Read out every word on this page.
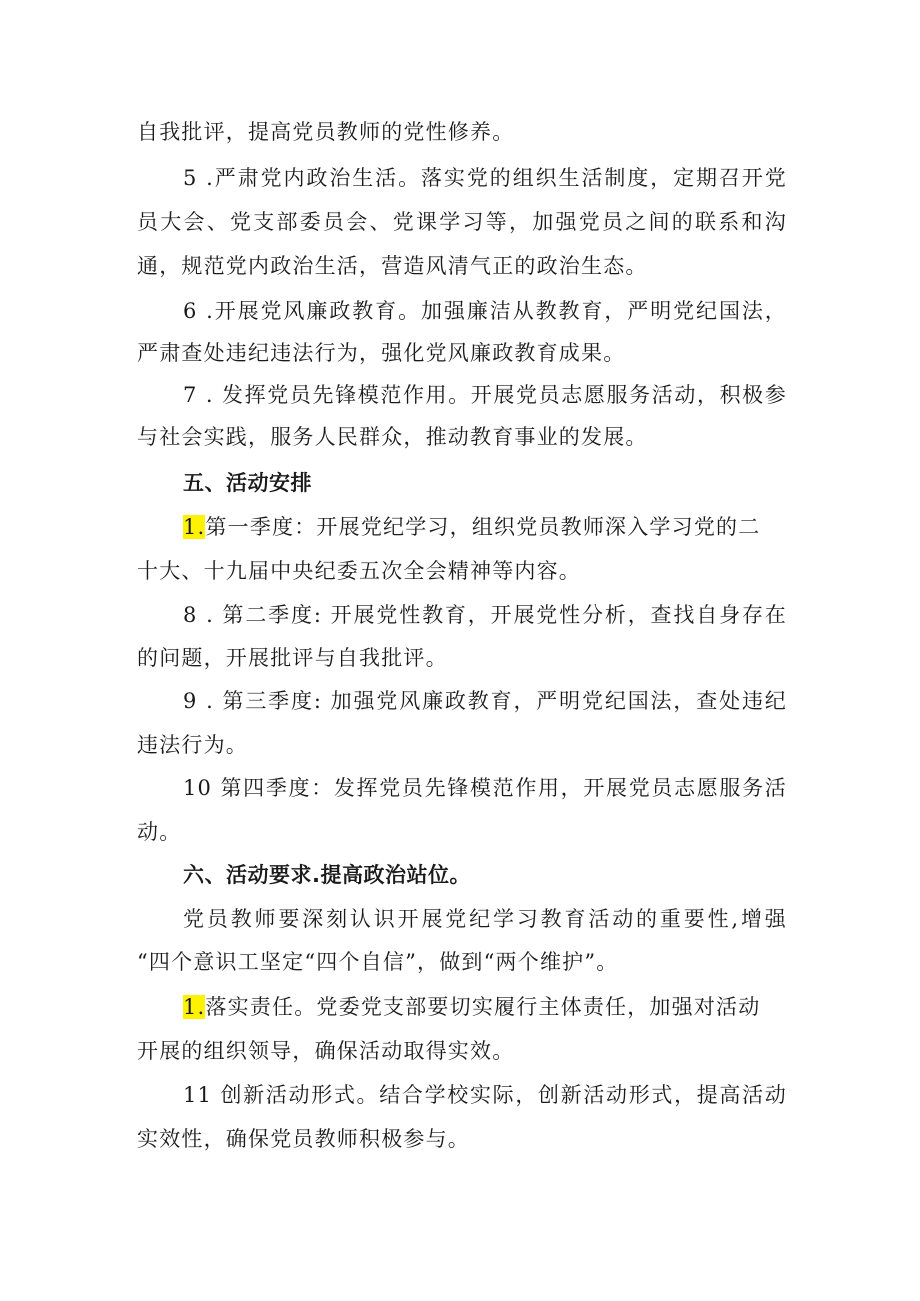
自我批评，提高党员教师的党性修养。
5 .严肃党内政治生活。落实党的组织生活制度，定期召开党
员大会、党支部委员会、党课学习等，加强党员之间的联系和沟
通，规范党内政治生活，营造风清气正的政治生态。
6 .开展党风廉政教育。加强廉洁从教教育，严明党纪国法，
严肃查处违纪违法行为，强化党风廉政教育成果。
7 . 发挥党员先锋模范作用。开展党员志愿服务活动，积极参
与社会实践，服务人民群众，推动教育事业的发展。
五、活动安排
1.第一季度：开展党纪学习，组织党员教师深入学习党的二
十大、十九届中央纪委五次全会精神等内容。
8 . 第二季度: 开展党性教育，开展党性分析，查找自身存在
的问题，开展批评与自我批评。
9 . 第三季度: 加强党风廉政教育，严明党纪国法，查处违纪
违法行为。
10 第四季度：发挥党员先锋模范作用，开展党员志愿服务活
动。
六、活动要求.提高政治站位。
党员教师要深刻认识开展党纪学习教育活动的重要性,增强
“四个意识工坚定“四个自信”，做到“两个维护”。
1.落实责任。党委党支部要切实履行主体责任，加强对活动
开展的组织领导，确保活动取得实效。
11 创新活动形式。结合学校实际，创新活动形式，提高活动
实效性，确保党员教师积极参与。
